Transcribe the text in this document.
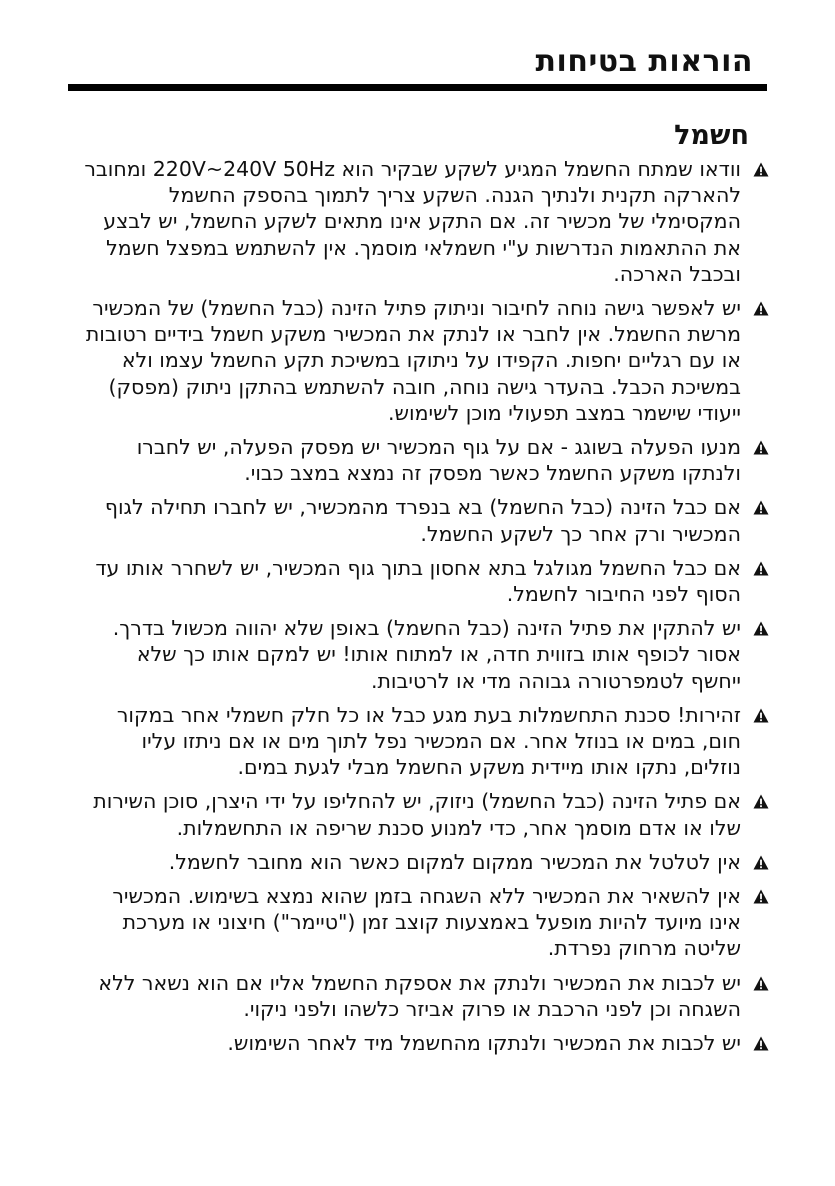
הוראות בטיחות
חשמל
וודאו שמתח החשמל המגיע לשקע שבקיר הוא 220V~240V 50Hz ומחובר להארקה תקנית ולנתיך הגנה. השקע צריך לתמוך בהספק החשמל המקסימלי של מכשיר זה. אם התקע אינו מתאים לשקע החשמל, יש לבצע את ההתאמות הנדרשות ע"י חשמלאי מוסמך. אין להשתמש במפצל חשמל ובכבל הארכה.
יש לאפשר גישה נוחה לחיבור וניתוק פתיל הזינה (כבל החשמל) של המכשיר מרשת החשמל. אין לחבר או לנתק את המכשיר משקע חשמל בידיים רטובות או עם רגליים יחפות. הקפידו על ניתוקו במשיכת תקע החשמל עצמו ולא במשיכת הכבל. בהעדר גישה נוחה, חובה להשתמש בהתקן ניתוק (מפסק) ייעודי שישמר במצב תפעולי מוכן לשימוש.
מנעו הפעלה בשוגג - אם על גוף המכשיר יש מפסק הפעלה, יש לחברו ולנתקו משקע החשמל כאשר מפסק זה נמצא במצב כבוי.
אם כבל הזינה (כבל החשמל) בא בנפרד מהמכשיר, יש לחברו תחילה לגוף המכשיר ורק אחר כך לשקע החשמל.
אם כבל החשמל מגולגל בתא אחסון בתוך גוף המכשיר, יש לשחרר אותו עד הסוף לפני החיבור לחשמל.
יש להתקין את פתיל הזינה (כבל החשמל) באופן שלא יהווה מכשול בדרך. אסור לכופף אותו בזווית חדה, או למתוח אותו! יש למקם אותו כך שלא ייחשף לטמפרטורה גבוהה מדי או לרטיבות.
זהירות! סכנת התחשמלות בעת מגע כבל או כל חלק חשמלי אחר במקור חום, במים או בנוזל אחר. אם המכשיר נפל לתוך מים או אם ניתזו עליו נוזלים, נתקו אותו מיידית משקע החשמל מבלי לגעת במים.
אם פתיל הזינה (כבל החשמל) ניזוק, יש להחליפו על ידי היצרן, סוכן השירות שלו או אדם מוסמך אחר, כדי למנוע סכנת שריפה או התחשמלות.
אין לטלטל את המכשיר ממקום למקום כאשר הוא מחובר לחשמל.
אין להשאיר את המכשיר ללא השגחה בזמן שהוא נמצא בשימוש. המכשיר אינו מיועד להיות מופעל באמצעות קוצב זמן ("טיימר") חיצוני או מערכת שליטה מרחוק נפרדת.
יש לכבות את המכשיר ולנתק את אספקת החשמל אליו אם הוא נשאר ללא השגחה וכן לפני הרכבת או פרוק אביזר כלשהו ולפני ניקוי.
יש לכבות את המכשיר ולנתקו מהחשמל מיד לאחר השימוש.
